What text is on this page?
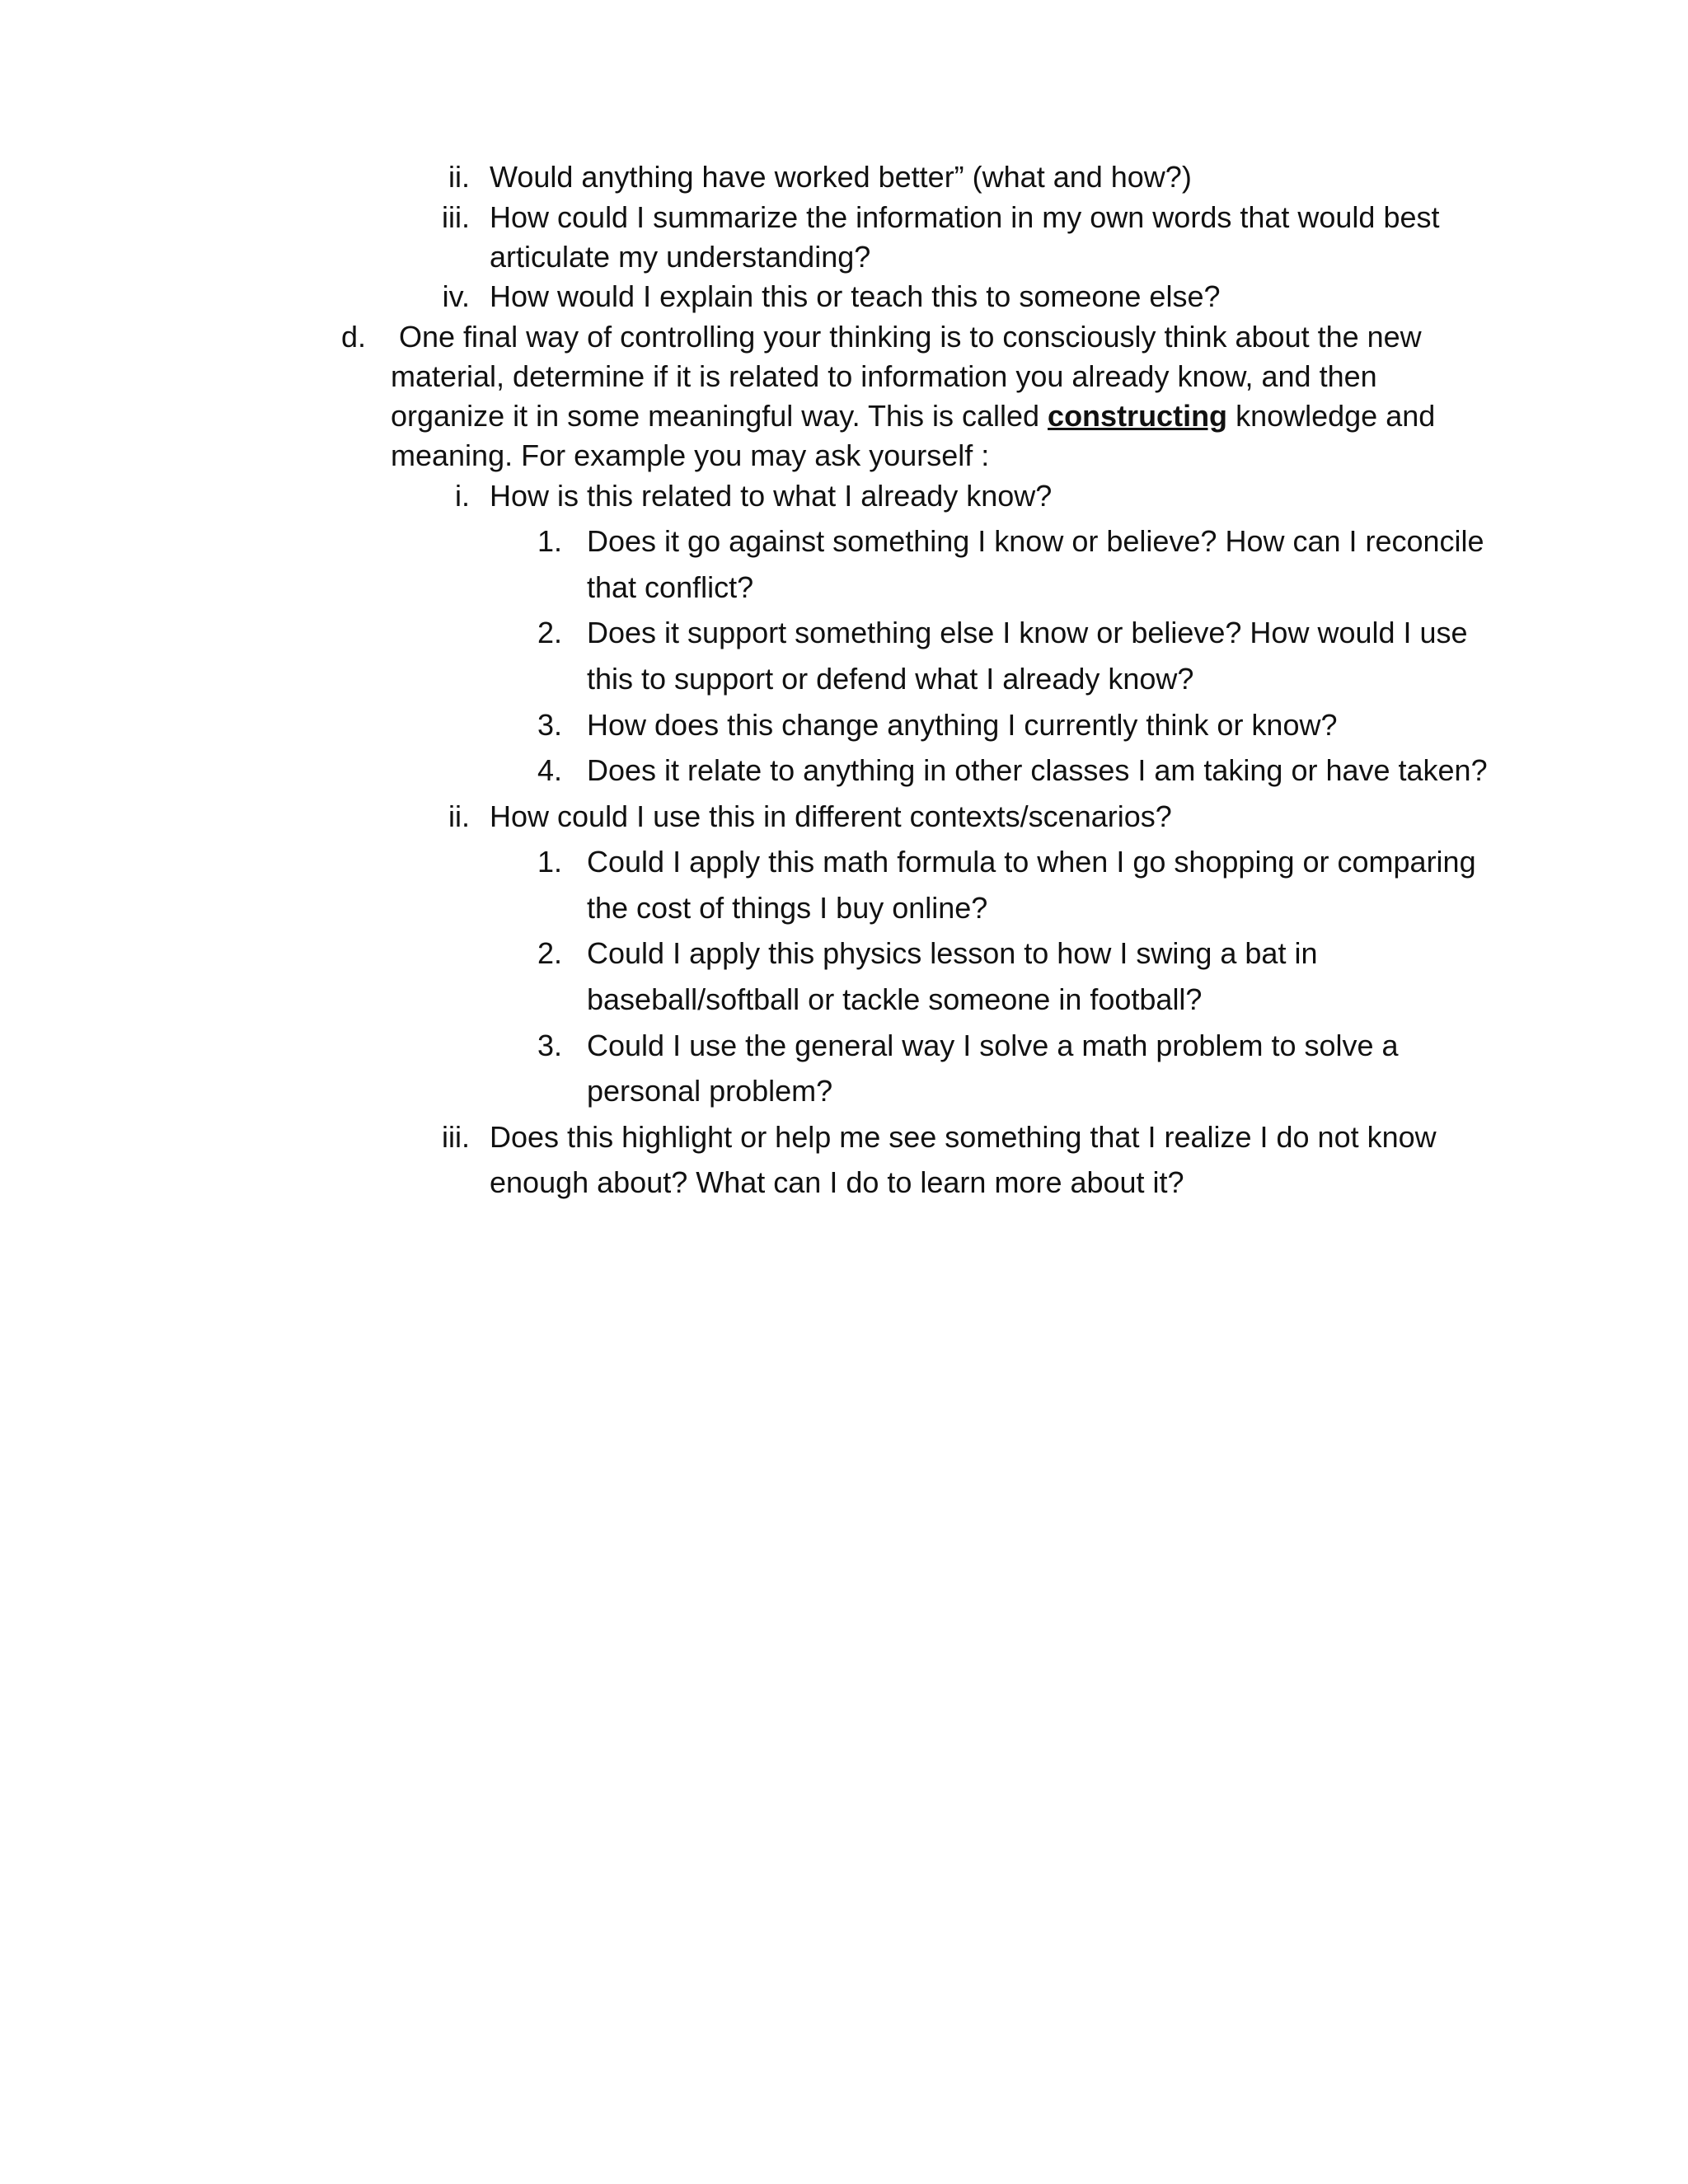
ii. Would anything have worked better” (what and how?)
iii. How could I summarize the information in my own words that would best
articulate my understanding?
iv. How would I explain this or teach this to someone else?
d. One final way of controlling your thinking is to consciously think about the new
material, determine if it is related to information you already know, and then
organize it in some meaningful way. This is called constructing knowledge and
meaning. For example you may ask yourself :
i. How is this related to what I already know?
1. Does it go against something I know or believe? How can I reconcile
that conflict?
2. Does it support something else I know or believe? How would I use
this to support or defend what I already know?
3. How does this change anything I currently think or know?
4. Does it relate to anything in other classes I am taking or have taken?
ii. How could I use this in different contexts/scenarios?
1. Could I apply this math formula to when I go shopping or comparing
the cost of things I buy online?
2. Could I apply this physics lesson to how I swing a bat in
baseball/softball or tackle someone in football?
3. Could I use the general way I solve a math problem to solve a
personal problem?
iii. Does this highlight or help me see something that I realize I do not know
enough about? What can I do to learn more about it?
